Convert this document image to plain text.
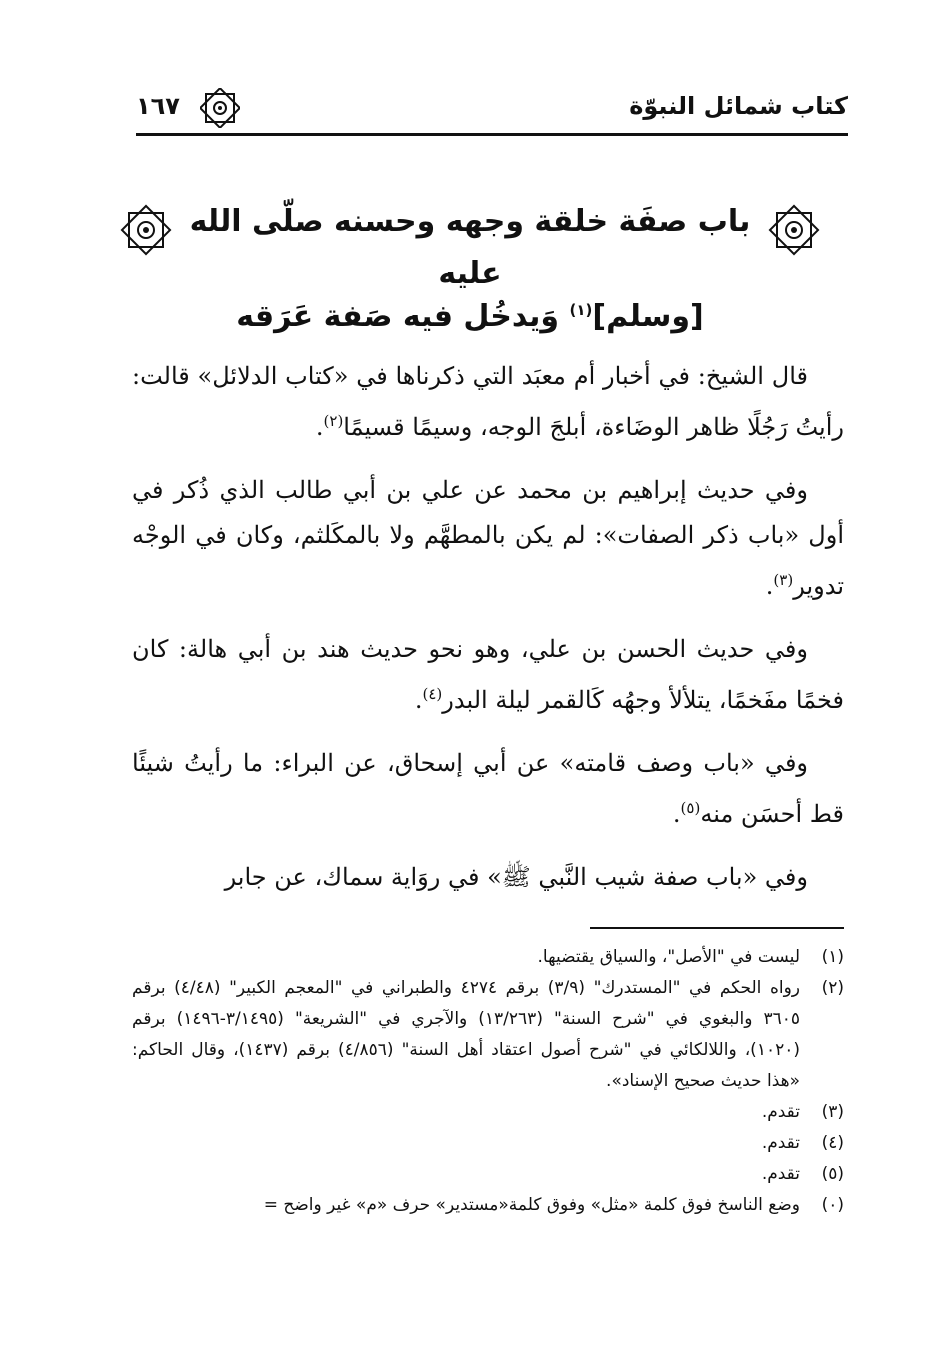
كتاب شمائل النبوّة
١٦٧
باب صفَة خلقة وجهه وحسنه صلّى الله عليه
[وسلم]$^{(١)}$ وَيدخُل فيه صَفة عَرَقه

قال الشيخ: في أخبار أم معبَد التي ذكرناها في «كتاب الدلائل» قالت: رأيتُ رَجُلًا ظاهر الوضَاءة، أبلجَ الوجه، وسيمًا قسيمًا$^{(٢)}$.

وفي حديث إبراهيم بن محمد عن علي بن أبي طالب الذي ذُكر في أول «باب ذكر الصفات»: لم يكن بالمطهَّم ولا بالمكَلثم، وكان في الوجْه تدوير$^{(٣)}$.

وفي حديث الحسن بن علي، وهو نحو حديث هند بن أبي هالة: كان فخمًا مفَخمًا، يتلألأ وجهُه كَالقمر ليلة البدر$^{(٤)}$.

وفي «باب وصف قامته» عن أبي إسحاق، عن البراء: ما رأيتُ شيئًا قط أحسَن منه$^{(٥)}$.

وفي «باب صفة شيب النَّبي ﷺ» في روَاية سماك، عن جابر

(١)
ليست في "الأصل"، والسياق يقتضيها.
(٢)
رواه الحكم في "المستدرك" (٣/٩) برقم ٤٢٧٤ والطبراني في "المعجم الكبير" (٤/٤٨) برقم ٣٦٠٥ والبغوي في "شرح السنة" (١٣/٢٦٣) والآجري في "الشريعة" (٣/١٤٩٥-١٤٩٦) برقم (١٠٢٠)، واللالكائي في "شرح أصول اعتقاد أهل السنة" (٤/٨٥٦) برقم (١٤٣٧)، وقال الحاكم: «هذا حديث صحيح الإسناد».
(٣)
تقدم.
(٤)
تقدم.
(٥)
تقدم.
(٠)
وضع الناسخ فوق كلمة «مثل» وفوق كلمة«مستدير» حرف «م» غير واضح =
